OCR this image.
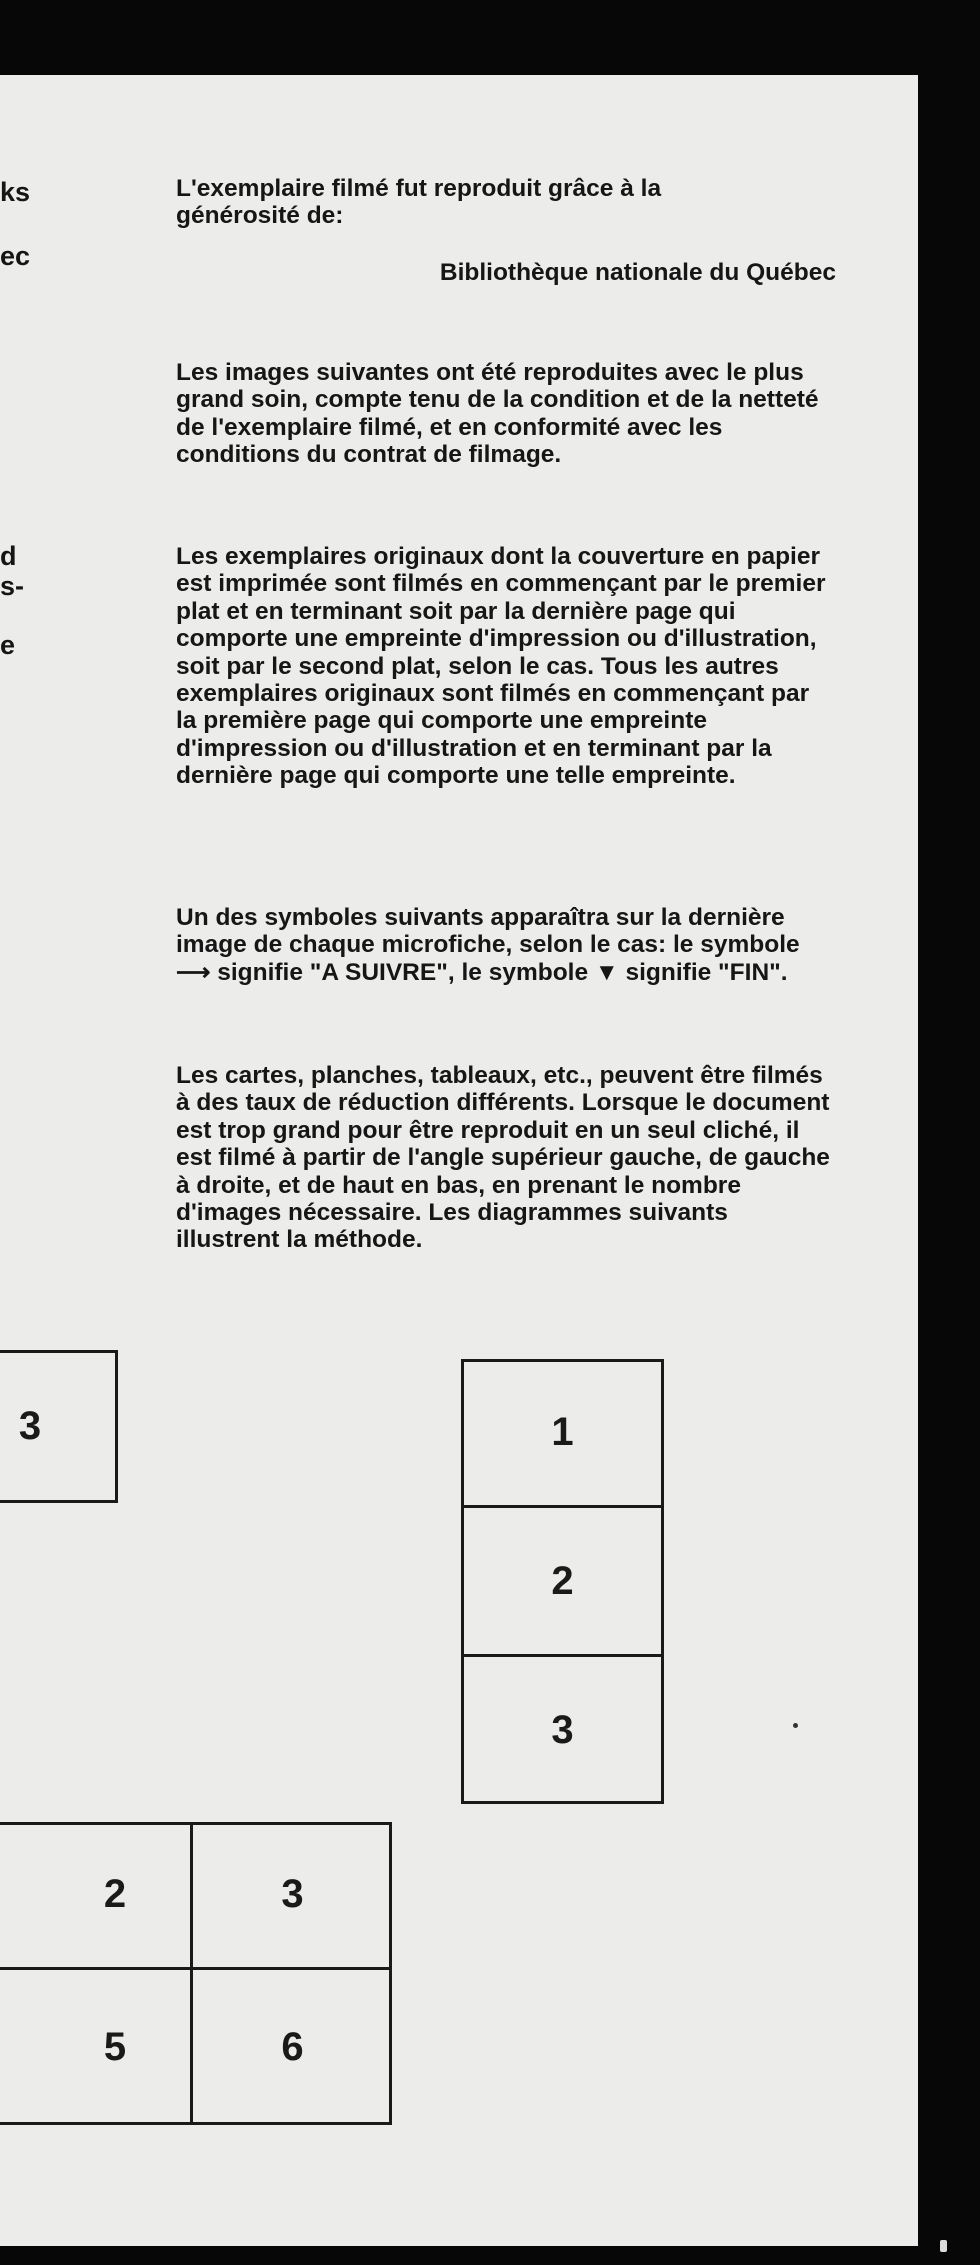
ks
ec
d
s-
e

L'exemplaire filmé fut reproduit grâce à la générosité de:

Bibliothèque nationale du Québec

Les images suivantes ont été reproduites avec le plus grand soin, compte tenu de la condition et de la netteté de l'exemplaire filmé, et en conformité avec les conditions du contrat de filmage.

Les exemplaires originaux dont la couverture en papier est imprimée sont filmés en commençant par le premier plat et en terminant soit par la dernière page qui comporte une empreinte d'impression ou d'illustration, soit par le second plat, selon le cas. Tous les autres exemplaires originaux sont filmés en commençant par la première page qui comporte une empreinte d'impression ou d'illustration et en terminant par la dernière page qui comporte une telle empreinte.

Un des symboles suivants apparaîtra sur la dernière image de chaque microfiche, selon le cas: le symbole ⟶ signifie "A SUIVRE", le symbole ▼ signifie "FIN".

Les cartes, planches, tableaux, etc., peuvent être filmés à des taux de réduction différents. Lorsque le document est trop grand pour être reproduit en un seul cliché, il est filmé à partir de l'angle supérieur gauche, de gauche à droite, et de haut en bas, en prenant le nombre d'images nécessaire. Les diagrammes suivants illustrent la méthode.

3	1
2
3
2	3
5	6
